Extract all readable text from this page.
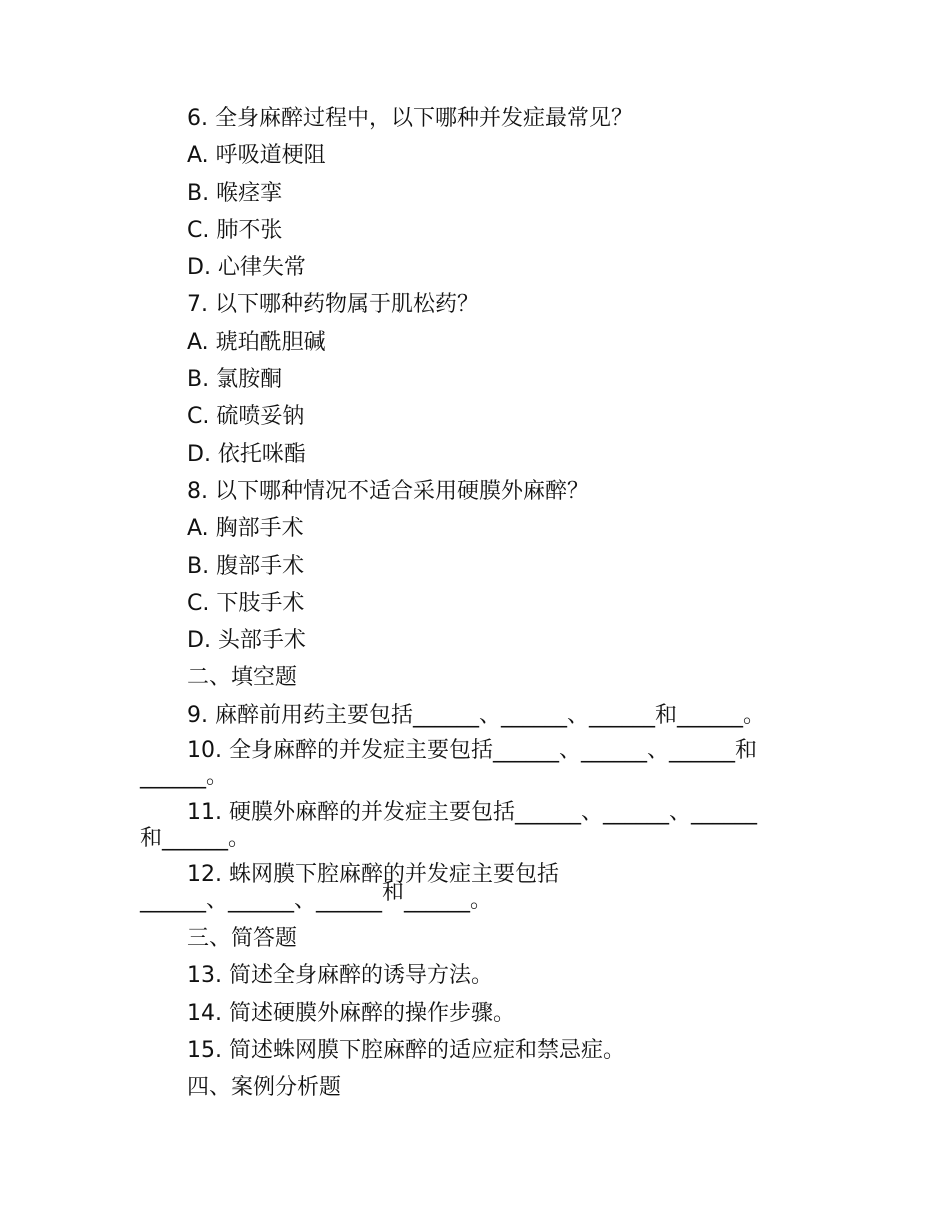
6. 全身麻醉过程中，以下哪种并发症最常见？

A. 呼吸道梗阻

B. 喉痉挛

C. 肺不张

D. 心律失常

7. 以下哪种药物属于肌松药？

A. 琥珀酰胆碱

B. 氯胺酮

C. 硫喷妥钠

D. 依托咪酯

8. 以下哪种情况不适合采用硬膜外麻醉？

A. 胸部手术

B. 腹部手术

C. 下肢手术

D. 头部手术

二、填空题

9. 麻醉前用药主要包括______、______、______和______。

10. 全身麻醉的并发症主要包括______、______、______和

______。

11. 硬膜外麻醉的并发症主要包括______、______、______

和______。

12. 蛛网膜下腔麻醉的并发症主要包括

______、______、______和______。

三、简答题

13. 简述全身麻醉的诱导方法。

14. 简述硬膜外麻醉的操作步骤。

15. 简述蛛网膜下腔麻醉的适应症和禁忌症。

四、案例分析题
